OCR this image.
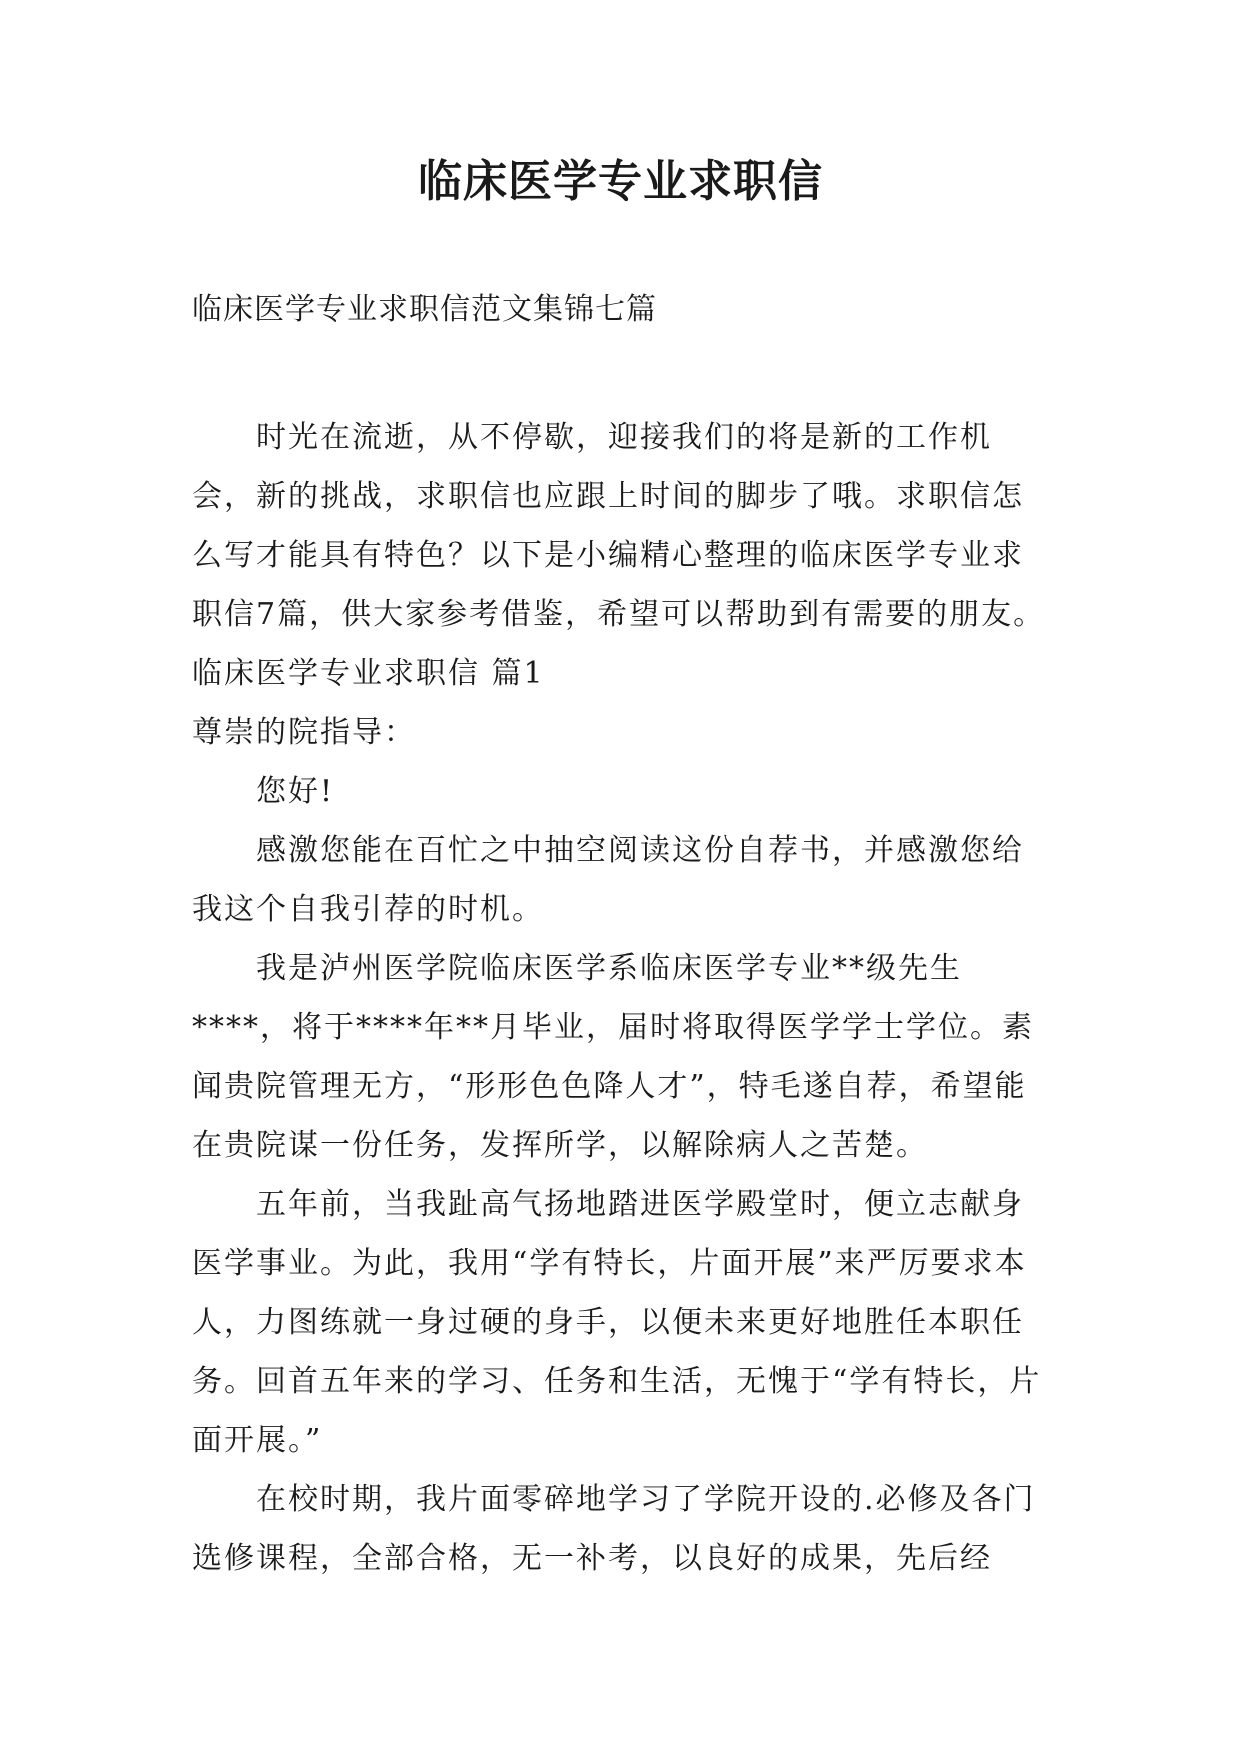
临床医学专业求职信

临床医学专业求职信范文集锦七篇

时光在流逝，从不停歇，迎接我们的将是新的工作机会，新的挑战，求职信也应跟上时间的脚步了哦。求职信怎么写才能具有特色？以下是小编精心整理的临床医学专业求职信7篇，供大家参考借鉴，希望可以帮助到有需要的朋友。

临床医学专业求职信 篇1

尊崇的院指导：

您好!

感激您能在百忙之中抽空阅读这份自荐书，并感激您给我这个自我引荐的时机。

我是泸州医学院临床医学系临床医学专业**级先生****，将于****年**月毕业，届时将取得医学学士学位。素闻贵院管理无方，“形形色色降人才”，特毛遂自荐，希望能在贵院谋一份任务，发挥所学，以解除病人之苦楚。

五年前，当我趾高气扬地踏进医学殿堂时，便立志献身医学事业。为此，我用“学有特长，片面开展”来严厉要求本人，力图练就一身过硬的身手，以便未来更好地胜任本职任务。回首五年来的学习、任务和生活，无愧于“学有特长，片面开展。”

在校时期，我片面零碎地学习了学院开设的.必修及各门选修课程，全部合格，无一补考，以良好的成果，先后经
